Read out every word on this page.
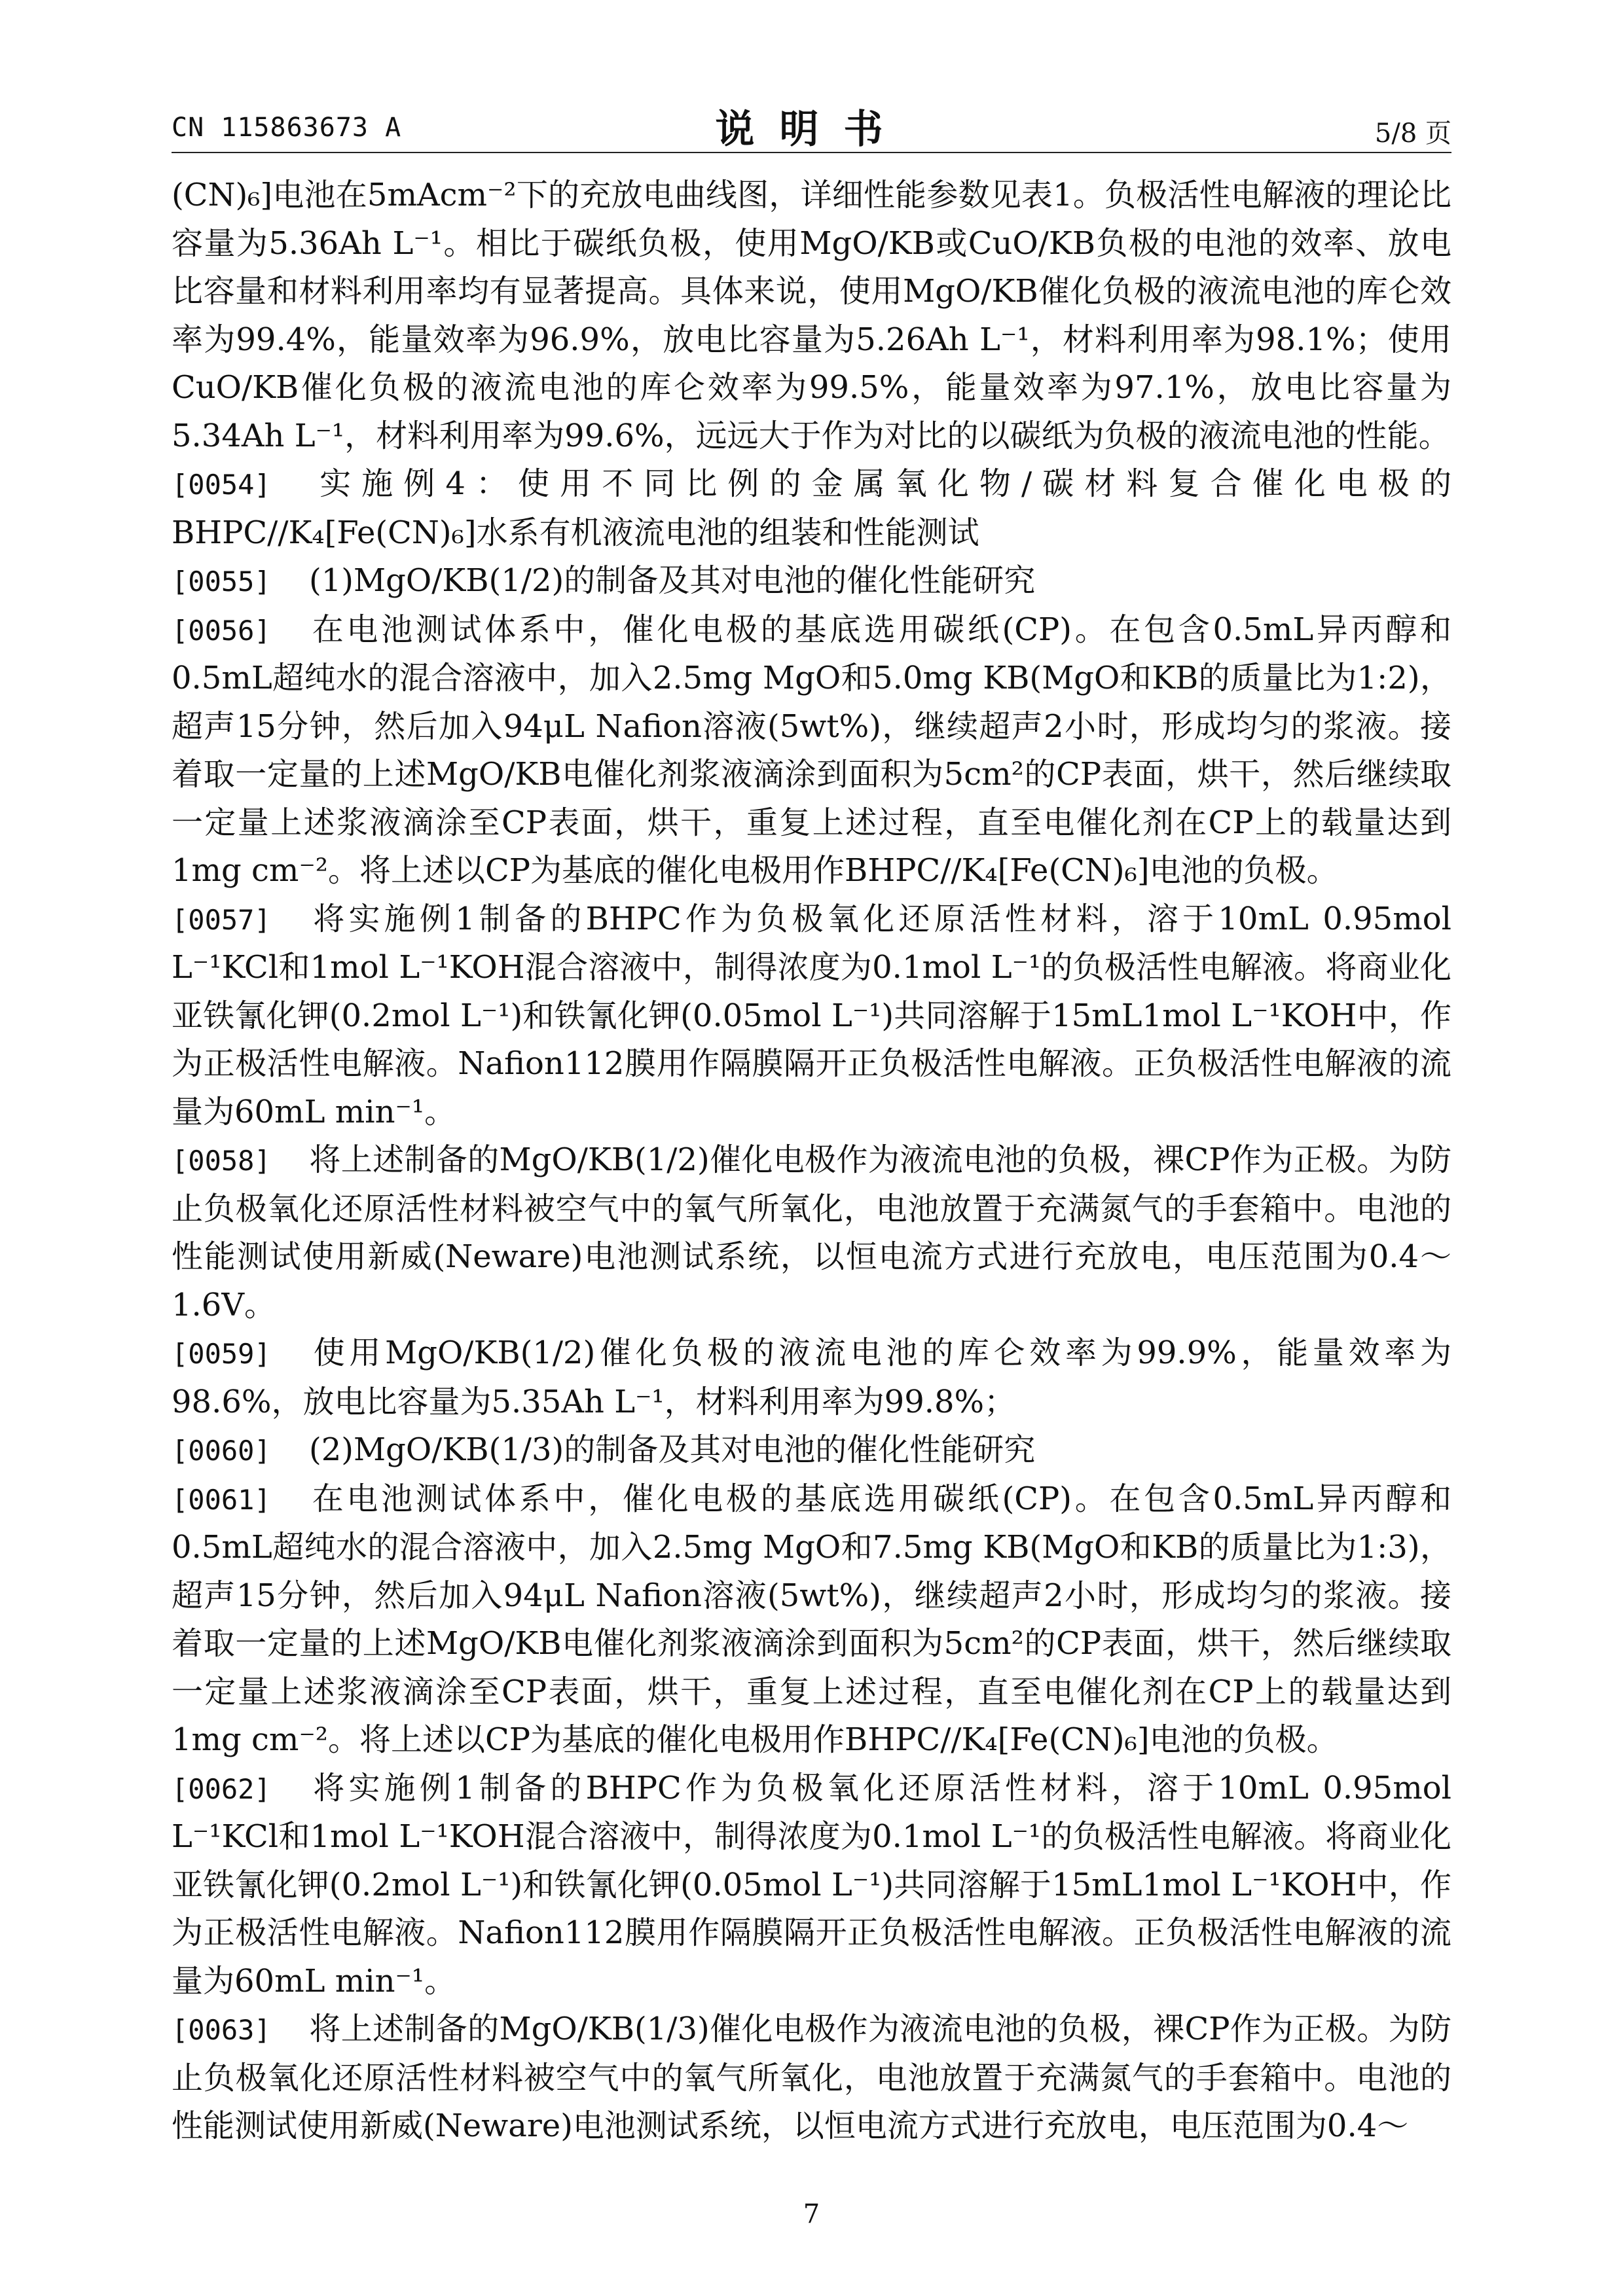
CN 115863673 A	说明书	5/8 页

(CN)₆]电池在5mAcm⁻²下的充放电曲线图，详细性能参数见表1。负极活性电解液的理论比容量为5.36Ah L⁻¹。相比于碳纸负极，使用MgO/KB或CuO/KB负极的电池的效率、放电比容量和材料利用率均有显著提高。具体来说，使用MgO/KB催化负极的液流电池的库仑效率为99.4%，能量效率为96.9%，放电比容量为5.26Ah L⁻¹，材料利用率为98.1%；使用CuO/KB催化负极的液流电池的库仑效率为99.5%，能量效率为97.1%，放电比容量为5.34Ah L⁻¹，材料利用率为99.6%，远远大于作为对比的以碳纸为负极的液流电池的性能。

[0054] 实施例4：使用不同比例的金属氧化物/碳材料复合催化电极的BHPC//K₄[Fe(CN)₆]水系有机液流电池的组装和性能测试

[0055] (1)MgO/KB(1/2)的制备及其对电池的催化性能研究

[0056] 在电池测试体系中，催化电极的基底选用碳纸(CP)。在包含0.5mL异丙醇和0.5mL超纯水的混合溶液中，加入2.5mg MgO和5.0mg KB(MgO和KB的质量比为1:2)，超声15分钟，然后加入94μL Nafion溶液(5wt%)，继续超声2小时，形成均匀的浆液。接着取一定量的上述MgO/KB电催化剂浆液滴涂到面积为5cm²的CP表面，烘干，然后继续取一定量上述浆液滴涂至CP表面，烘干，重复上述过程，直至电催化剂在CP上的载量达到1mg cm⁻²。将上述以CP为基底的催化电极用作BHPC//K₄[Fe(CN)₆]电池的负极。

[0057] 将实施例1制备的BHPC作为负极氧化还原活性材料，溶于10mL 0.95mol L⁻¹KCl和1mol L⁻¹KOH混合溶液中，制得浓度为0.1mol L⁻¹的负极活性电解液。将商业化亚铁氰化钾(0.2mol L⁻¹)和铁氰化钾(0.05mol L⁻¹)共同溶解于15mL1mol L⁻¹KOH中，作为正极活性电解液。Nafion112膜用作隔膜隔开正负极活性电解液。正负极活性电解液的流量为60mL min⁻¹。

[0058] 将上述制备的MgO/KB(1/2)催化电极作为液流电池的负极，裸CP作为正极。为防止负极氧化还原活性材料被空气中的氧气所氧化，电池放置于充满氮气的手套箱中。电池的性能测试使用新威(Neware)电池测试系统，以恒电流方式进行充放电，电压范围为0.4～1.6V。

[0059] 使用MgO/KB(1/2)催化负极的液流电池的库仑效率为99.9%，能量效率为98.6%，放电比容量为5.35Ah L⁻¹，材料利用率为99.8%；

[0060] (2)MgO/KB(1/3)的制备及其对电池的催化性能研究

[0061] 在电池测试体系中，催化电极的基底选用碳纸(CP)。在包含0.5mL异丙醇和0.5mL超纯水的混合溶液中，加入2.5mg MgO和7.5mg KB(MgO和KB的质量比为1:3)，超声15分钟，然后加入94μL Nafion溶液(5wt%)，继续超声2小时，形成均匀的浆液。接着取一定量的上述MgO/KB电催化剂浆液滴涂到面积为5cm²的CP表面，烘干，然后继续取一定量上述浆液滴涂至CP表面，烘干，重复上述过程，直至电催化剂在CP上的载量达到1mg cm⁻²。将上述以CP为基底的催化电极用作BHPC//K₄[Fe(CN)₆]电池的负极。

[0062] 将实施例1制备的BHPC作为负极氧化还原活性材料，溶于10mL 0.95mol L⁻¹KCl和1mol L⁻¹KOH混合溶液中，制得浓度为0.1mol L⁻¹的负极活性电解液。将商业化亚铁氰化钾(0.2mol L⁻¹)和铁氰化钾(0.05mol L⁻¹)共同溶解于15mL1mol L⁻¹KOH中，作为正极活性电解液。Nafion112膜用作隔膜隔开正负极活性电解液。正负极活性电解液的流量为60mL min⁻¹。

[0063] 将上述制备的MgO/KB(1/3)催化电极作为液流电池的负极，裸CP作为正极。为防止负极氧化还原活性材料被空气中的氧气所氧化，电池放置于充满氮气的手套箱中。电池的性能测试使用新威(Neware)电池测试系统，以恒电流方式进行充放电，电压范围为0.4～

7
